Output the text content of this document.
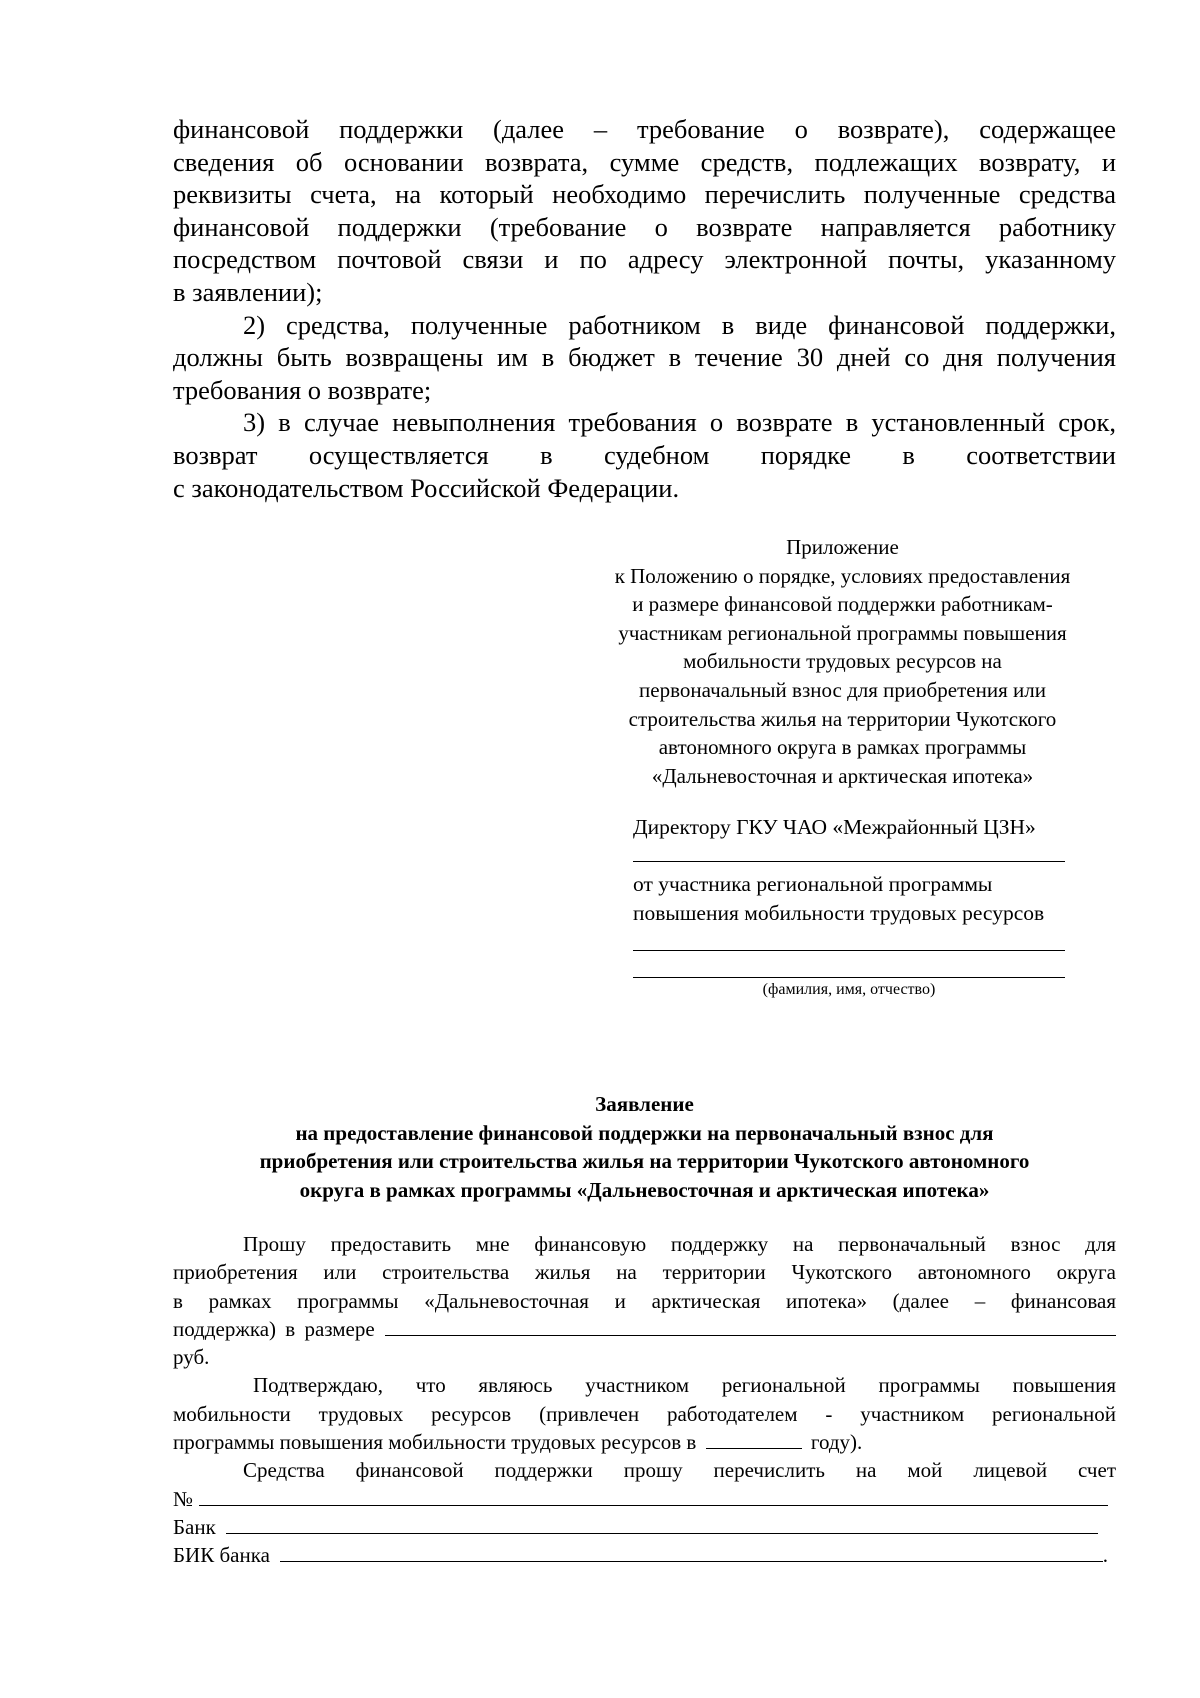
финансовой поддержки (далее – требование о возврате), содержащее
сведения об основании возврата, сумме средств, подлежащих возврату, и
реквизиты счета, на который необходимо перечислить полученные средства
финансовой поддержки (требование о возврате направляется работнику
посредством почтовой связи и по адресу электронной почты, указанному
в заявлении);

2) средства, полученные работником в виде финансовой поддержки,
должны быть возвращены им в бюджет в течение 30 дней со дня получения
требования о возврате;

3) в случае невыполнения требования о возврате в установленный срок,
возврат осуществляется в судебном порядке в соответствии
с законодательством Российской Федерации.

Приложение
к Положению о порядке, условиях предоставления
и размере финансовой поддержки работникам-
участникам региональной программы повышения
мобильности трудовых ресурсов на
первоначальный взнос для приобретения или
строительства жилья на территории Чукотского
автономного округа в рамках программы
«Дальневосточная и арктическая ипотека»
Директору ГКУ ЧАО «Межрайонный ЦЗН»
от участника региональной программы
повышения мобильности трудовых ресурсов
(фамилия, имя, отчество)
Заявление
на предоставление финансовой поддержки на первоначальный взнос для
приобретения или строительства жилья на территории Чукотского автономного
округа в рамках программы «Дальневосточная и арктическая ипотека»
Прошу предоставить мне финансовую поддержку на первоначальный взнос для
приобретения или строительства жилья на территории Чукотского автономного округа
в рамках программы «Дальневосточная и арктическая ипотека» (далее – финансовая
поддержка) в размере
руб.
Подтверждаю, что являюсь участником региональной программы повышения
мобильности трудовых ресурсов (привлечен работодателем - участником региональной
программы повышения мобильности трудовых ресурсов в	году).
Средства финансовой поддержки прошу перечислить на мой лицевой счет
№
Банк
БИК банка	.
